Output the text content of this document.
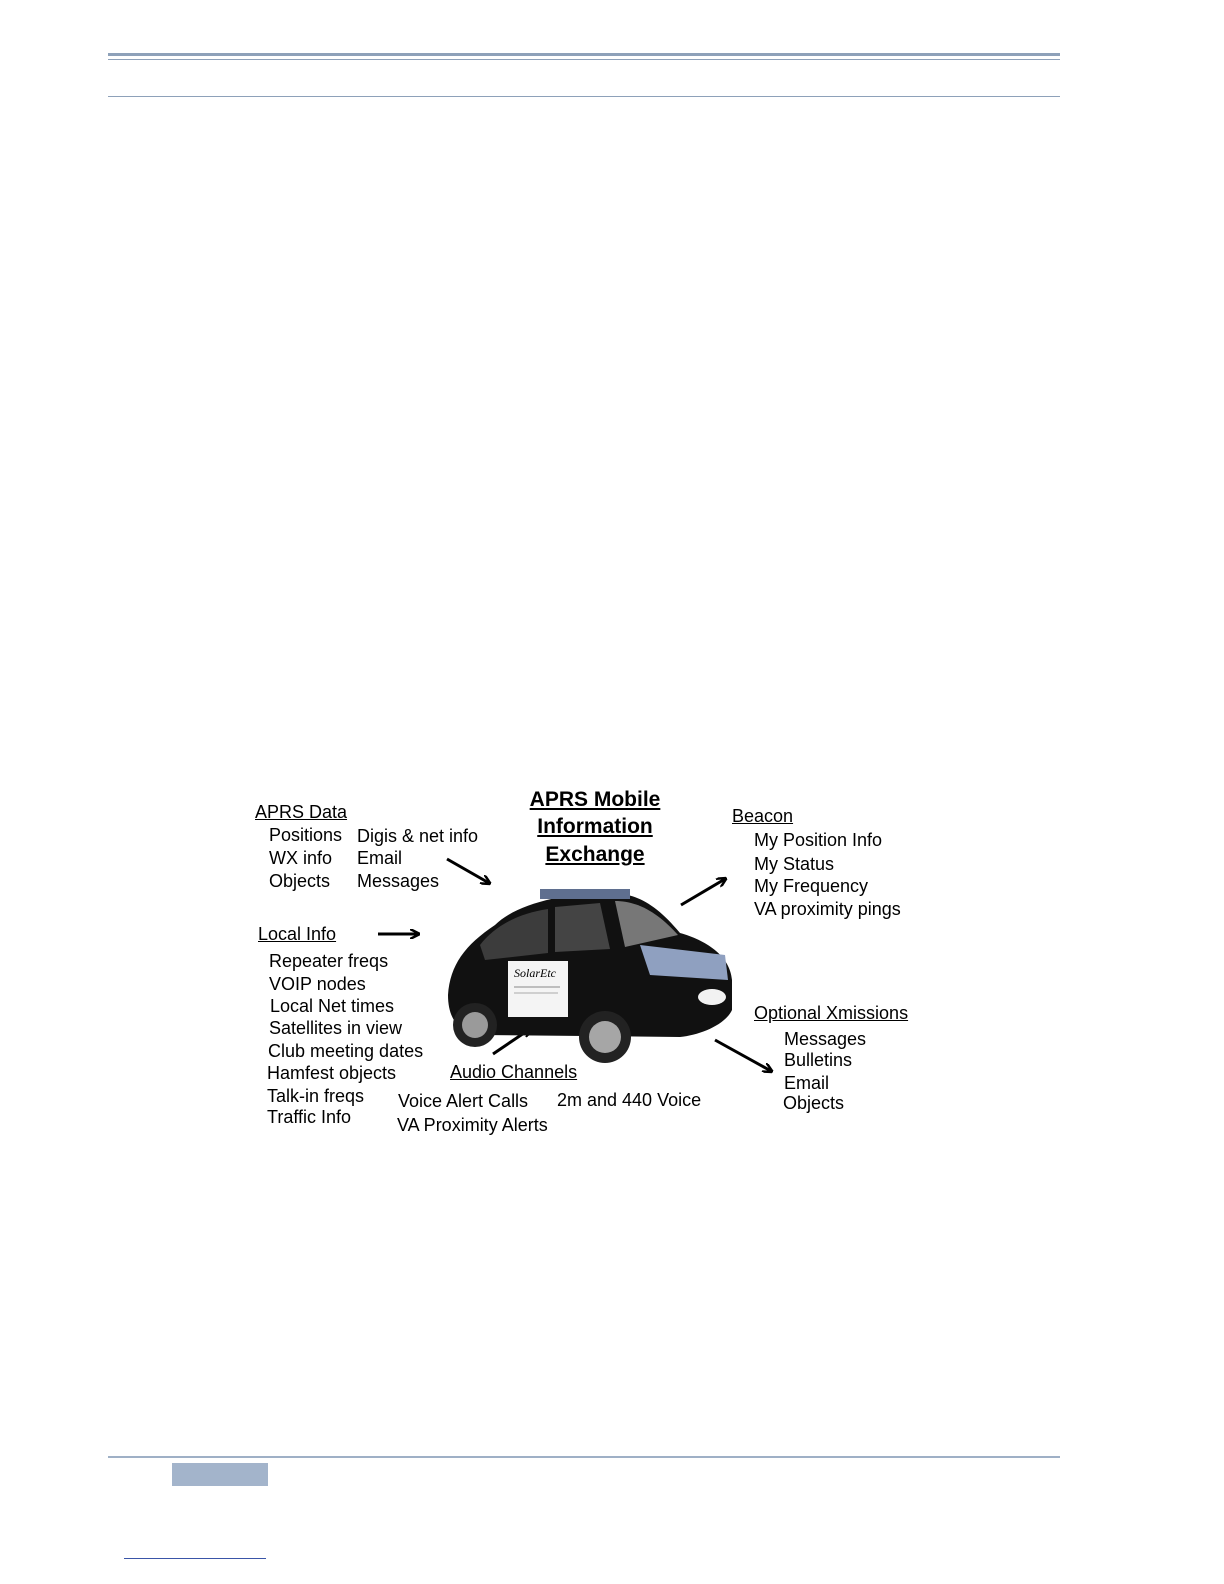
APRS Mobile
Information
Exchange
APRS Data
Positions
WX info
Objects
Digis & net info
Email
Messages
Local Info
Repeater freqs
VOIP nodes
Local Net times
Satellites in view
Club meeting dates
Hamfest objects
Talk-in freqs
Traffic Info
Beacon
My Position Info
My Status
My Frequency
VA proximity pings
Optional Xmissions
Messages
Bulletins
Email
Objects
Audio Channels
Voice Alert Calls
VA Proximity Alerts
2m and 440 Voice
SolarEtc
